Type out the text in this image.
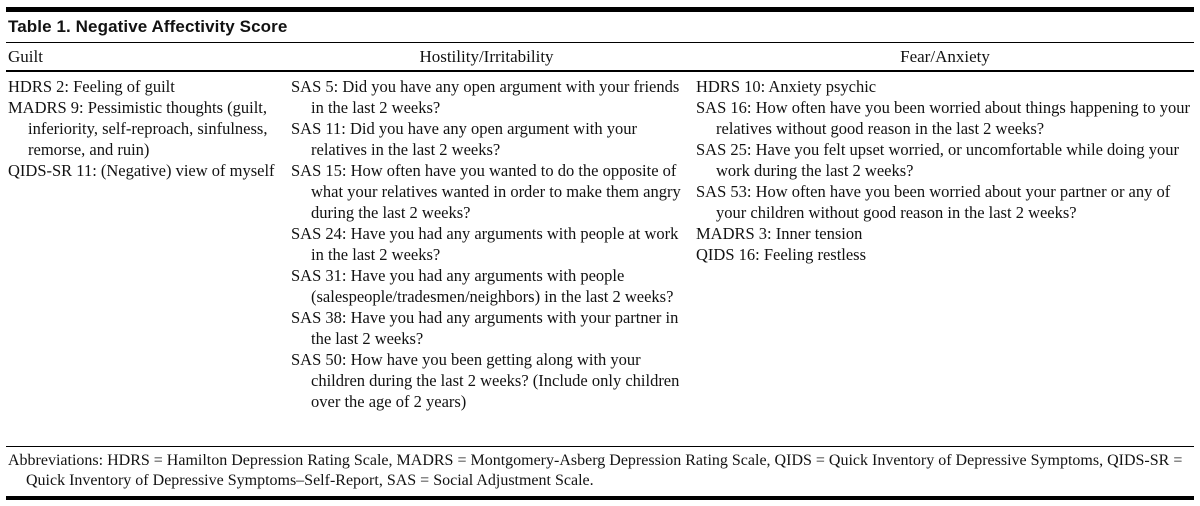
Table 1. Negative Affectivity Score
Guilt	Hostility/Irritability	Fear/Anxiety
HDRS 2: Feeling of guilt
MADRS 9: Pessimistic thoughts (guilt, inferiority, self-reproach, sinfulness, remorse, and ruin)
QIDS-SR 11: (Negative) view of myself
SAS 5: Did you have any open argument with your friends in the last 2 weeks?
SAS 11: Did you have any open argument with your relatives in the last 2 weeks?
SAS 15: How often have you wanted to do the opposite of what your relatives wanted in order to make them angry during the last 2 weeks?
SAS 24: Have you had any arguments with people at work in the last 2 weeks?
SAS 31: Have you had any arguments with people (salespeople/tradesmen/neighbors) in the last 2 weeks?
SAS 38: Have you had any arguments with your partner in the last 2 weeks?
SAS 50: How have you been getting along with your children during the last 2 weeks? (Include only children over the age of 2 years)
HDRS 10: Anxiety psychic
SAS 16: How often have you been worried about things happening to your relatives without good reason in the last 2 weeks?
SAS 25: Have you felt upset worried, or uncomfortable while doing your work during the last 2 weeks?
SAS 53: How often have you been worried about your partner or any of your children without good reason in the last 2 weeks?
MADRS 3: Inner tension
QIDS 16: Feeling restless
Abbreviations: HDRS = Hamilton Depression Rating Scale, MADRS = Montgomery-Asberg Depression Rating Scale, QIDS = Quick Inventory of Depressive Symptoms, QIDS-SR = Quick Inventory of Depressive Symptoms–Self-Report, SAS = Social Adjustment Scale.
